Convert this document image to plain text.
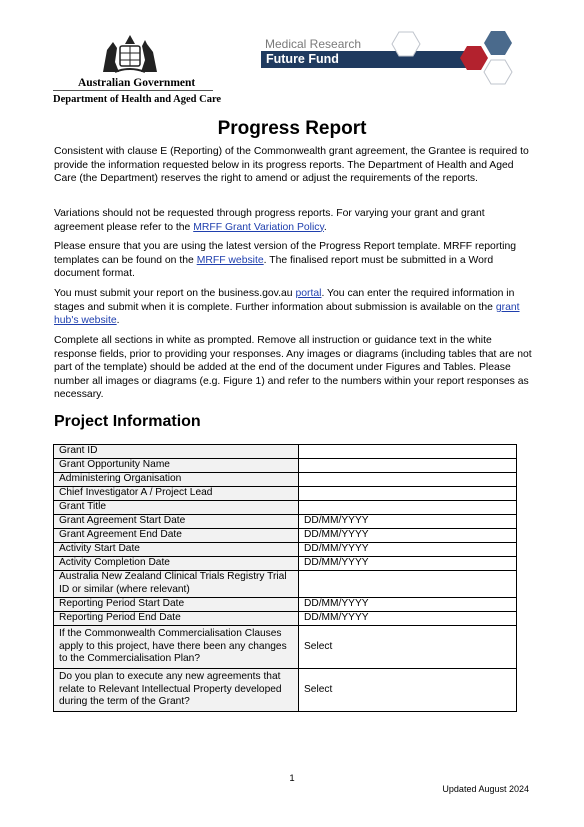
Australian Government
Department of Health and Aged Care
Medical Research
Future Fund
Progress Report
Consistent with clause E (Reporting) of the Commonwealth grant agreement, the Grantee is required to provide the information requested below in its progress reports. The Department of Health and Aged Care (the Department) reserves the right to amend or adjust the requirements of the reports.
Variations should not be requested through progress reports. For varying your grant and grant agreement please refer to the MRFF Grant Variation Policy.
Please ensure that you are using the latest version of the Progress Report template. MRFF reporting templates can be found on the MRFF website. The finalised report must be submitted in a Word document format.
You must submit your report on the business.gov.au portal. You can enter the required information in stages and submit when it is complete. Further information about submission is available on the grant hub's website.
Complete all sections in white as prompted. Remove all instruction or guidance text in the white response fields, prior to providing your responses. Any images or diagrams (including tables that are not part of the template) should be added at the end of the document under Figures and Tables. Please number all images or diagrams (e.g. Figure 1) and refer to the numbers within your report responses as necessary.
Project Information
Grant ID	
Grant Opportunity Name	
Administering Organisation	
Chief Investigator A / Project Lead	
Grant Title	
Grant Agreement Start Date	DD/MM/YYYY
Grant Agreement End Date	DD/MM/YYYY
Activity Start Date	DD/MM/YYYY
Activity Completion Date	DD/MM/YYYY
Australia New Zealand Clinical Trials Registry Trial ID or similar (where relevant)	
Reporting Period Start Date	DD/MM/YYYY
Reporting Period End Date	DD/MM/YYYY
If the Commonwealth Commercialisation Clauses apply to this project, have there been any changes to the Commercialisation Plan?	Select
Do you plan to execute any new agreements that relate to Relevant Intellectual Property developed during the term of the Grant?	Select
1
Updated August 2024
